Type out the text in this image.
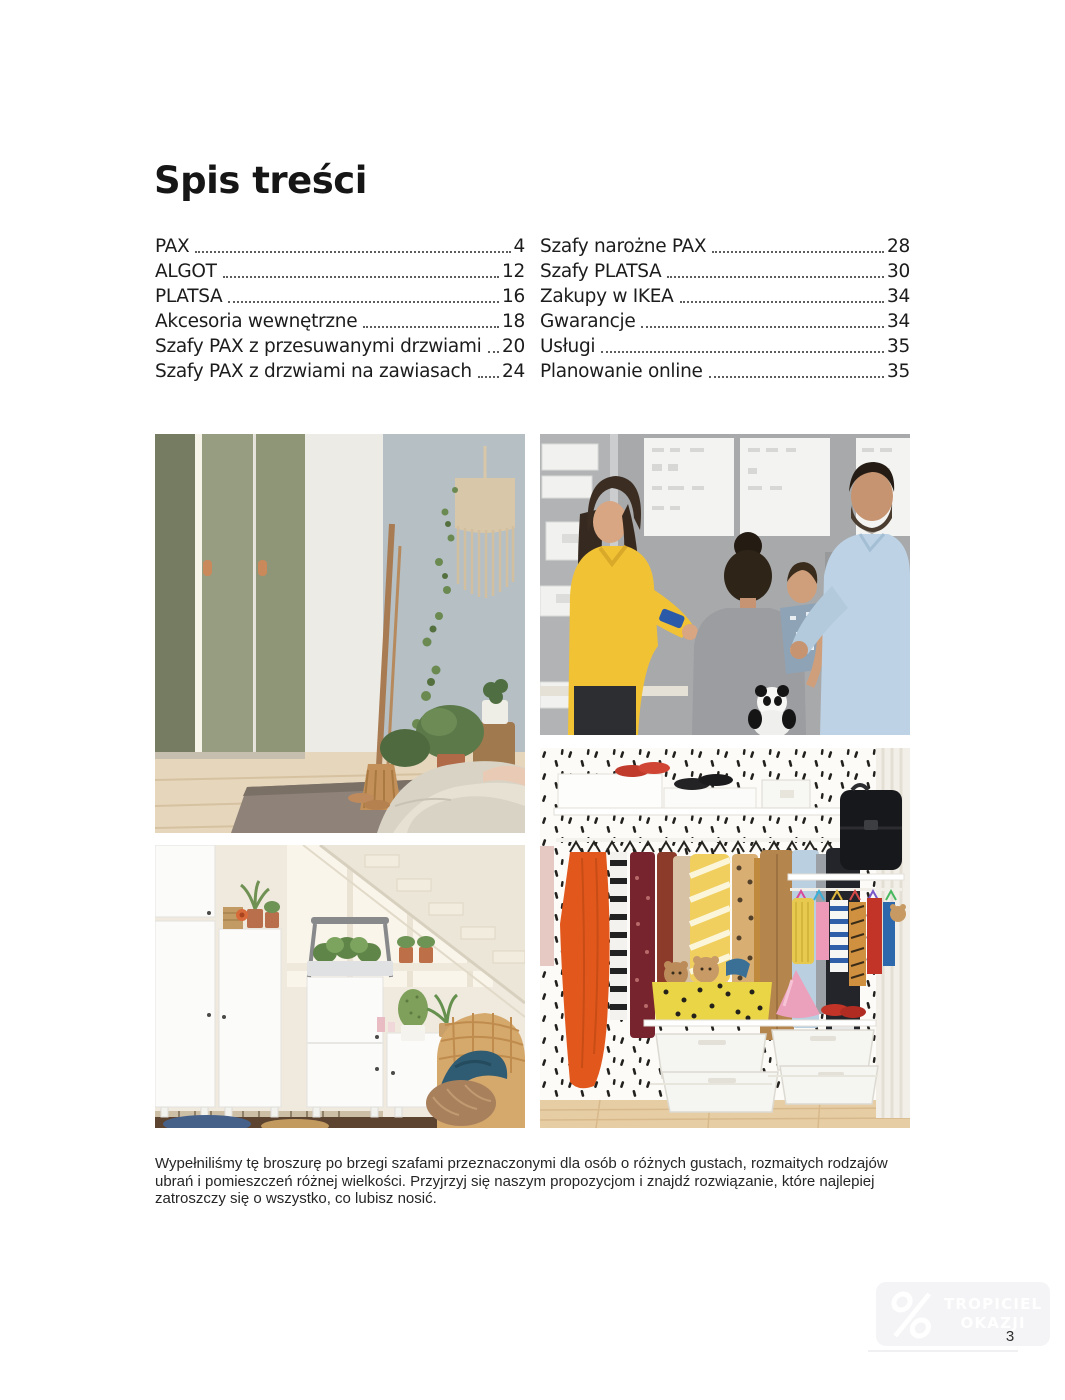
Spis treści
PAX	4
ALGOT	12
PLATSA	16
Akcesoria wewnętrzne	18
Szafy PAX z przesuwanymi drzwiami 20
Szafy PAX z drzwiami na zawiasach 24
Szafy narożne PAX	28
Szafy PLATSA	30
Zakupy w IKEA	34
Gwarancje	34
Usługi	35
Planowanie online	35

Wypełniliśmy tę broszurę po brzegi szafami przeznaczonymi dla osób o różnych gustach, rozmaitych rodzajów ubrań i pomieszczeń różnej wielkości. Przyjrzyj się naszym propozycjom i znajdź rozwiązanie, które najlepiej zatroszczy się o wszystko, co lubisz nosić.

TROPICIEL
OKAZJI
3
